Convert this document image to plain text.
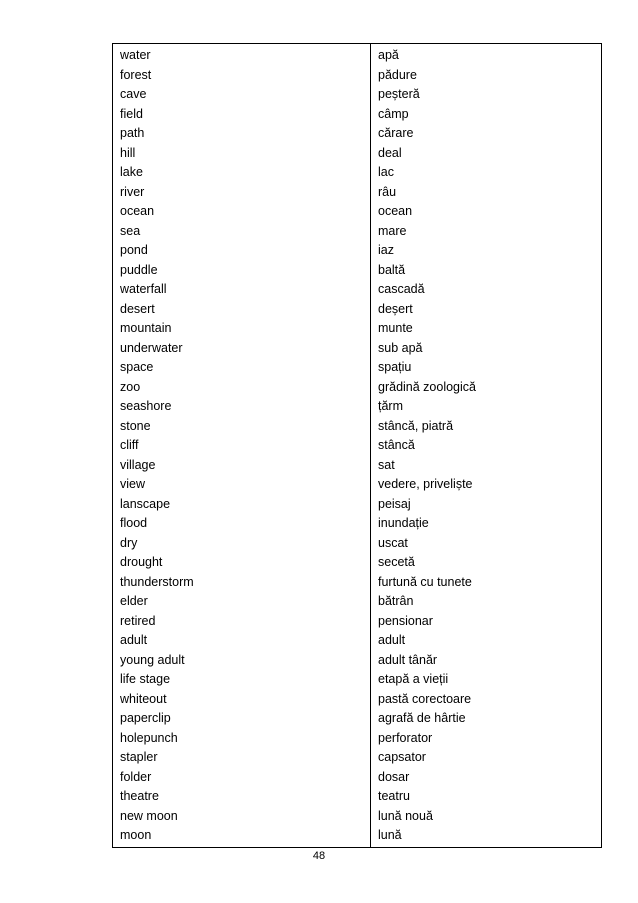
water
forest
cave
field
path
hill
lake
river
ocean
sea
pond
puddle
waterfall
desert
mountain
underwater
space
zoo
seashore
stone
cliff
village
view
lanscape
flood
dry
drought
thunderstorm
elder
retired
adult
young adult
life stage
whiteout
paperclip
holepunch
stapler
folder
theatre
new moon
moon
apă
pădure
peșteră
câmp
cărare
deal
lac
râu
ocean
mare
iaz
baltă
cascadă
deșert
munte
sub apă
spațiu
grădină zoologică
țărm
stâncă, piatră
stâncă
sat
vedere, priveliște
peisaj
inundație
uscat
secetă
furtună cu tunete
bătrân
pensionar
adult
adult tânăr
etapă a vieții
pastă corectoare
agrafă de hârtie
perforator
capsator
dosar
teatru
lună nouă
lună
48
